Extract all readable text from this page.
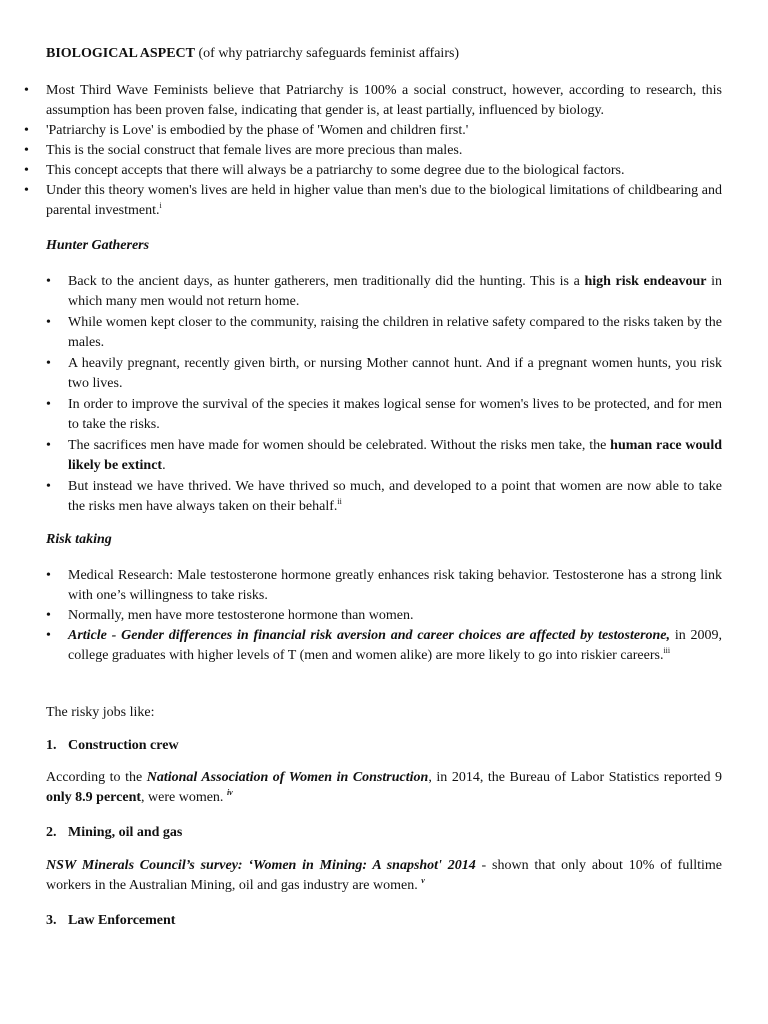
BIOLOGICAL ASPECT (of why patriarchy safeguards feminist affairs)

• Most Third Wave Feminists believe that Patriarchy is 100% a social construct, however, according to research, this assumption has been proven false, indicating that gender is, at least partially, influenced by biology.
• 'Patriarchy is Love' is embodied by the phase of 'Women and children first.'
• This is the social construct that female lives are more precious than males.
• This concept accepts that there will always be a patriarchy to some degree due to the biological factors.
• Under this theory women's lives are held in higher value than men's due to the biological limitations of childbearing and parental investment.$^i$

Hunter Gatherers

• Back to the ancient days, as hunter gatherers, men traditionally did the hunting. This is a high risk endeavour in which many men would not return home.
• While women kept closer to the community, raising the children in relative safety compared to the risks taken by the males.
• A heavily pregnant, recently given birth, or nursing Mother cannot hunt. And if a pregnant women hunts, you risk two lives.
• In order to improve the survival of the species it makes logical sense for women's lives to be protected, and for men to take the risks.
• The sacrifices men have made for women should be celebrated. Without the risks men take, the human race would likely be extinct.
• But instead we have thrived. We have thrived so much, and developed to a point that women are now able to take the risks men have always taken on their behalf.$^{ii}$

Risk taking

• Medical Research: Male testosterone hormone greatly enhances risk taking behavior. Testosterone has a strong link with one’s willingness to take risks.
• Normally, men have more testosterone hormone than women.
• Article - Gender differences in financial risk aversion and career choices are affected by testosterone, in 2009, college graduates with higher levels of T (men and women alike) are more likely to go into riskier careers.$^{iii}$

The risky jobs like:

1. Construction crew

According to the National Association of Women in Construction, in 2014, the Bureau of Labor Statistics reported 9 only 8.9 percent, were women. $^{iv}$

2. Mining, oil and gas

NSW Minerals Council’s survey: ‘Women in Mining: A snapshot' 2014 - shown that only about 10% of fulltime workers in the Australian Mining, oil and gas industry are women. $^v$

3. Law Enforcement
